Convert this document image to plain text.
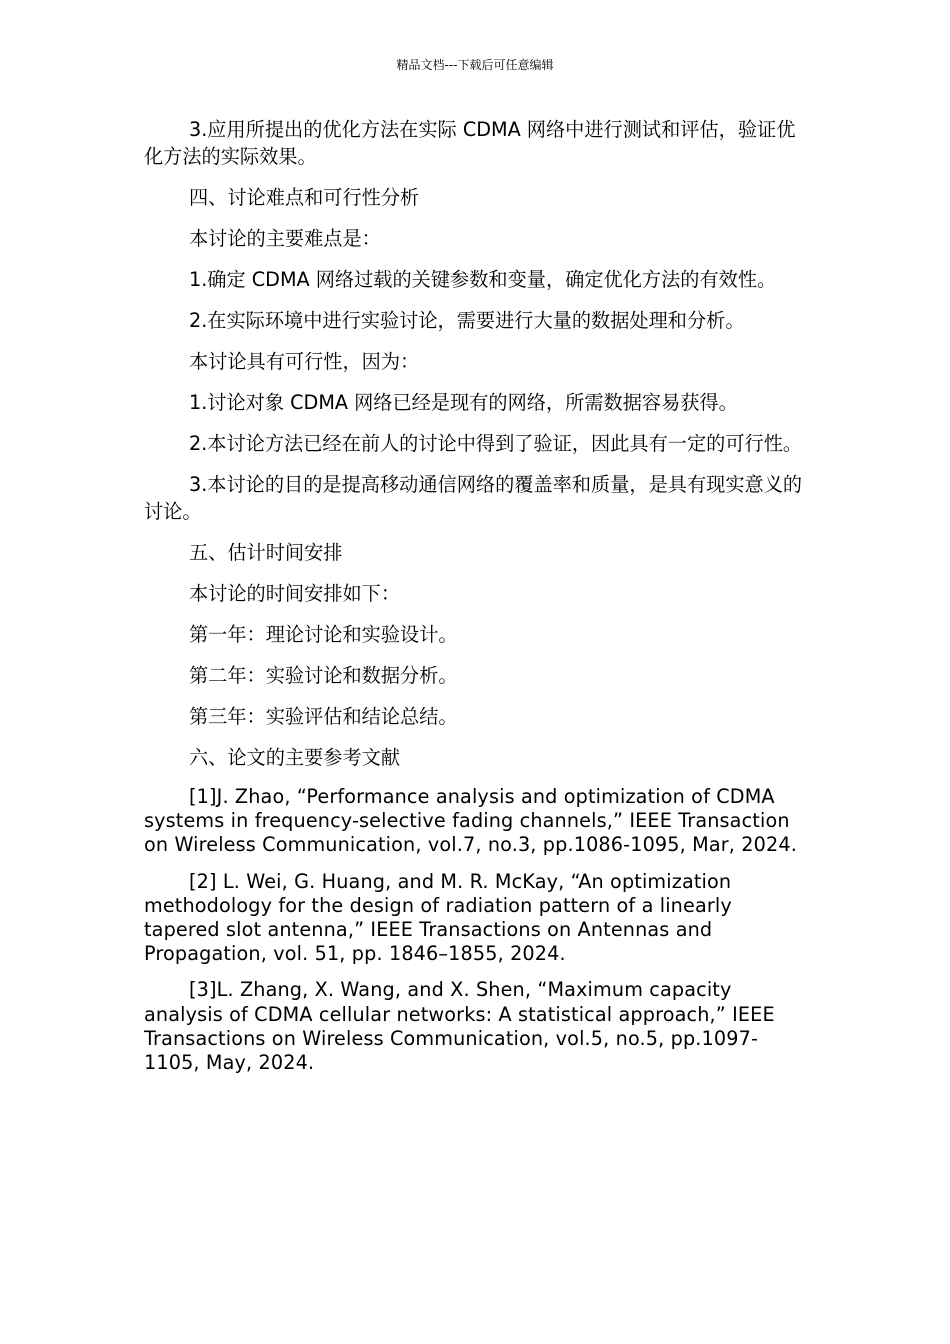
精品文档---下载后可任意编辑

3.应用所提出的优化方法在实际 CDMA 网络中进行测试和评估，验证优化方法的实际效果。

四、讨论难点和可行性分析

本讨论的主要难点是：

1.确定 CDMA 网络过载的关键参数和变量，确定优化方法的有效性。

2.在实际环境中进行实验讨论，需要进行大量的数据处理和分析。

本讨论具有可行性，因为：

1.讨论对象 CDMA 网络已经是现有的网络，所需数据容易获得。

2.本讨论方法已经在前人的讨论中得到了验证，因此具有一定的可行性。

3.本讨论的目的是提高移动通信网络的覆盖率和质量，是具有现实意义的讨论。

五、估计时间安排

本讨论的时间安排如下：

第一年：理论讨论和实验设计。

第二年：实验讨论和数据分析。

第三年：实验评估和结论总结。

六、论文的主要参考文献

[1]J. Zhao, “Performance analysis and optimization of CDMA systems in frequency-selective fading channels,” IEEE Transaction on Wireless Communication, vol.7, no.3, pp.1086-1095, Mar, 2024.

[2] L. Wei, G. Huang, and M. R. McKay, “An optimization methodology for the design of radiation pattern of a linearly tapered slot antenna,” IEEE Transactions on Antennas and Propagation, vol. 51, pp. 1846–1855, 2024.

[3]L. Zhang, X. Wang, and X. Shen, “Maximum capacity analysis of CDMA cellular networks: A statistical approach,” IEEE Transactions on Wireless Communication, vol.5, no.5, pp.1097-1105, May, 2024.
